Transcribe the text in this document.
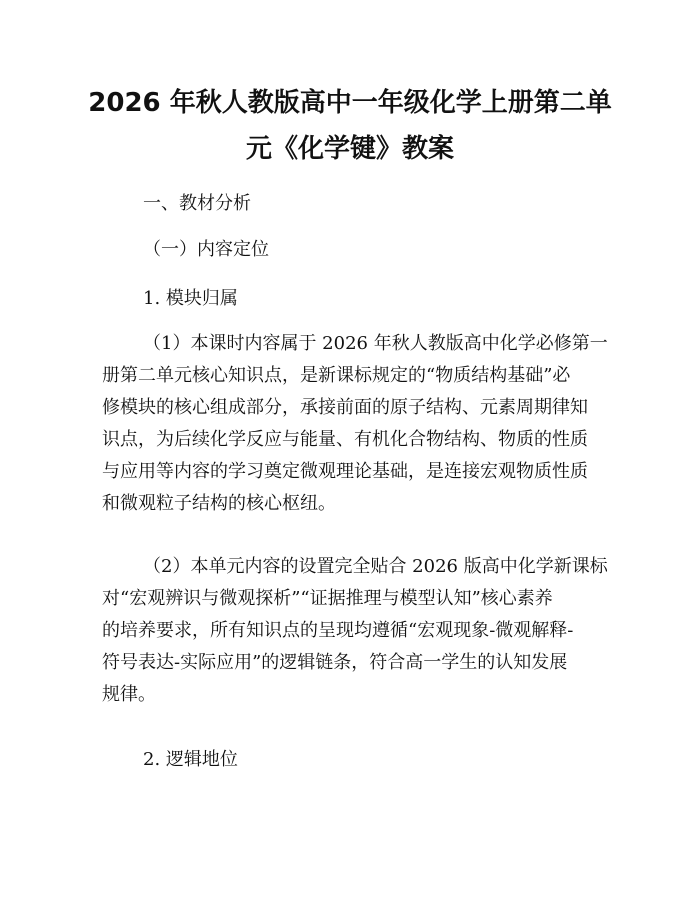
2026 年秋人教版高中一年级化学上册第二单
元《化学键》教案

一、教材分析

（一）内容定位

1. 模块归属

（1）本课时内容属于 2026 年秋人教版高中化学必修第一
册第二单元核心知识点，是新课标规定的“物质结构基础”必
修模块的核心组成部分，承接前面的原子结构、元素周期律知
识点，为后续化学反应与能量、有机化合物结构、物质的性质
与应用等内容的学习奠定微观理论基础，是连接宏观物质性质
和微观粒子结构的核心枢纽。
（2）本单元内容的设置完全贴合 2026 版高中化学新课标
对“宏观辨识与微观探析”“证据推理与模型认知”核心素养
的培养要求，所有知识点的呈现均遵循“宏观现象-微观解释-
符号表达-实际应用”的逻辑链条，符合高一学生的认知发展
规律。

2. 逻辑地位
